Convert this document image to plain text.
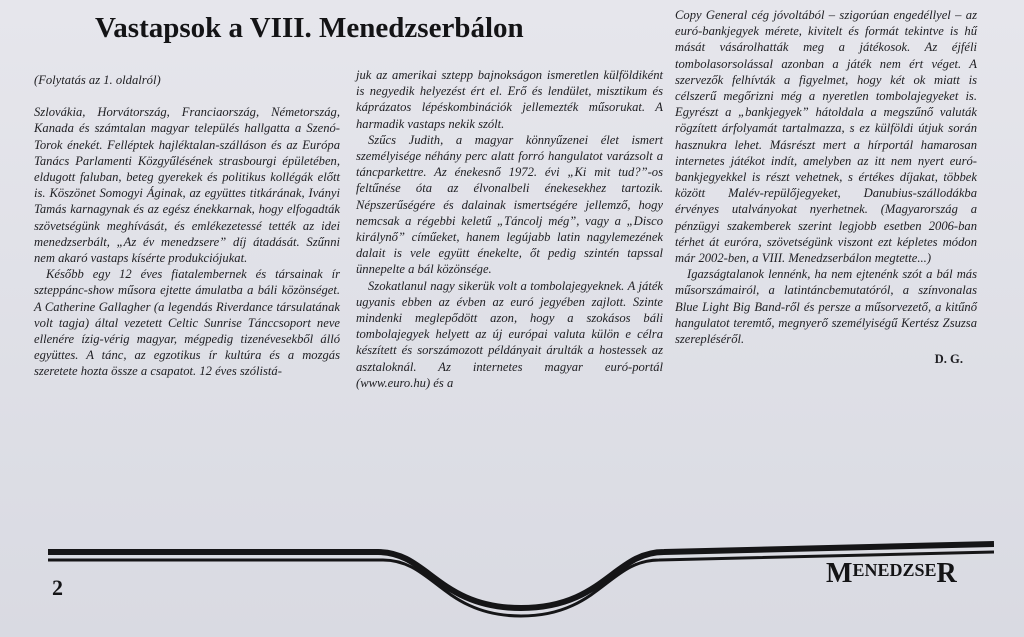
Vastapsok a VIII. Menedzserbálon

(Folytatás az 1. oldalról)

Szlovákia, Horvátország, Franciaország, Németország, Kanada és számtalan magyar település hallgatta a Szenó-Torok énekét. Felléptek hajléktalan-szálláson és az Európa Tanács Parlamenti Közgyűlésének strasbourgi épületében, eldugott faluban, beteg gyerekek és politikus kollégák előtt is. Köszönet Somogyi Áginak, az együttes titkárának, Iványi Tamás karnagynak és az egész énekkarnak, hogy elfogadták szövetségünk meghívását, és emlékezetessé tették az idei menedzserbált, „Az év menedzsere” díj átadását. Szűnni nem akaró vastaps kísérte produkciójukat.

Később egy 12 éves fiatalembernek és társainak ír szteppánc-show műsora ejtette ámulatba a báli közönséget. A Catherine Gallagher (a legendás Riverdance társulatának volt tagja) által vezetett Celtic Sunrise Tánccsoport neve ellenére ízig-vérig magyar, mégpedig tizenévesekből álló együttes. A tánc, az egzotikus ír kultúra és a mozgás szeretete hozta össze a csapatot. 12 éves szólistá-

juk az amerikai sztepp bajnokságon ismeretlen külföldiként is negyedik helyezést ért el. Erő és lendület, misztikum és káprázatos lépéskombinációk jellemezték műsorukat. A harmadik vastaps nekik szólt.

Szűcs Judith, a magyar könnyűzenei élet ismert személyisége néhány perc alatt forró hangulatot varázsolt a táncparkettre. Az énekesnő 1972. évi „Ki mit tud?”-os feltűnése óta az élvonalbeli énekesekhez tartozik. Népszerűségére és dalainak ismertségére jellemző, hogy nemcsak a régebbi keletű „Táncolj még”, vagy a „Disco királynő” címűeket, hanem legújabb latin nagylemezének dalait is vele együtt énekelte, őt pedig szintén tapssal ünnepelte a bál közönsége.

Szokatlanul nagy sikerük volt a tombolajegyeknek. A játék ugyanis ebben az évben az euró jegyében zajlott. Szinte mindenki meglepődött azon, hogy a szokásos báli tombolajegyek helyett az új európai valuta külön e célra készített és sorszámozott példányait árulták a hostessek az asztaloknál. Az internetes magyar euró-portál (www.euro.hu) és a

Copy General cég jóvoltából – szigorúan engedéllyel – az euró-bankjegyek mérete, kivitelt és formát tekintve is hű mását vásárolhatták meg a játékosok. Az éjféli tombolasorsolással azonban a játék nem ért véget. A szervezők felhívták a figyelmet, hogy két ok miatt is célszerű megőrizni még a nyeretlen tombolajegyeket is. Egyrészt a „bankjegyek” hátoldala a megszűnő valuták rögzített árfolyamát tartalmazza, s ez külföldi útjuk során hasznukra lehet. Másrészt mert a hírportál hamarosan internetes játékot indít, amelyben az itt nem nyert euró-bankjegyekkel is részt vehetnek, s értékes díjakat, többek között Malév-repülőjegyeket, Danubius-szállodákba érvényes utalványokat nyerhetnek. (Magyarország a pénzügyi szakemberek szerint legjobb esetben 2006-ban térhet át euróra, szövetségünk viszont ezt képletes módon már 2002-ben, a VIII. Menedzserbálon megtette...)

Igazságtalanok lennénk, ha nem ejtenénk szót a bál más műsorszámairól, a latintáncbemutatóról, a színvonalas Blue Light Big Band-ről és persze a műsorvezető, a kitűnő hangulatot teremtő, megnyerő személyiségű Kertész Zsuzsa szerepléséről.

D. G.
2	$M^{ENEDZSE}R$
